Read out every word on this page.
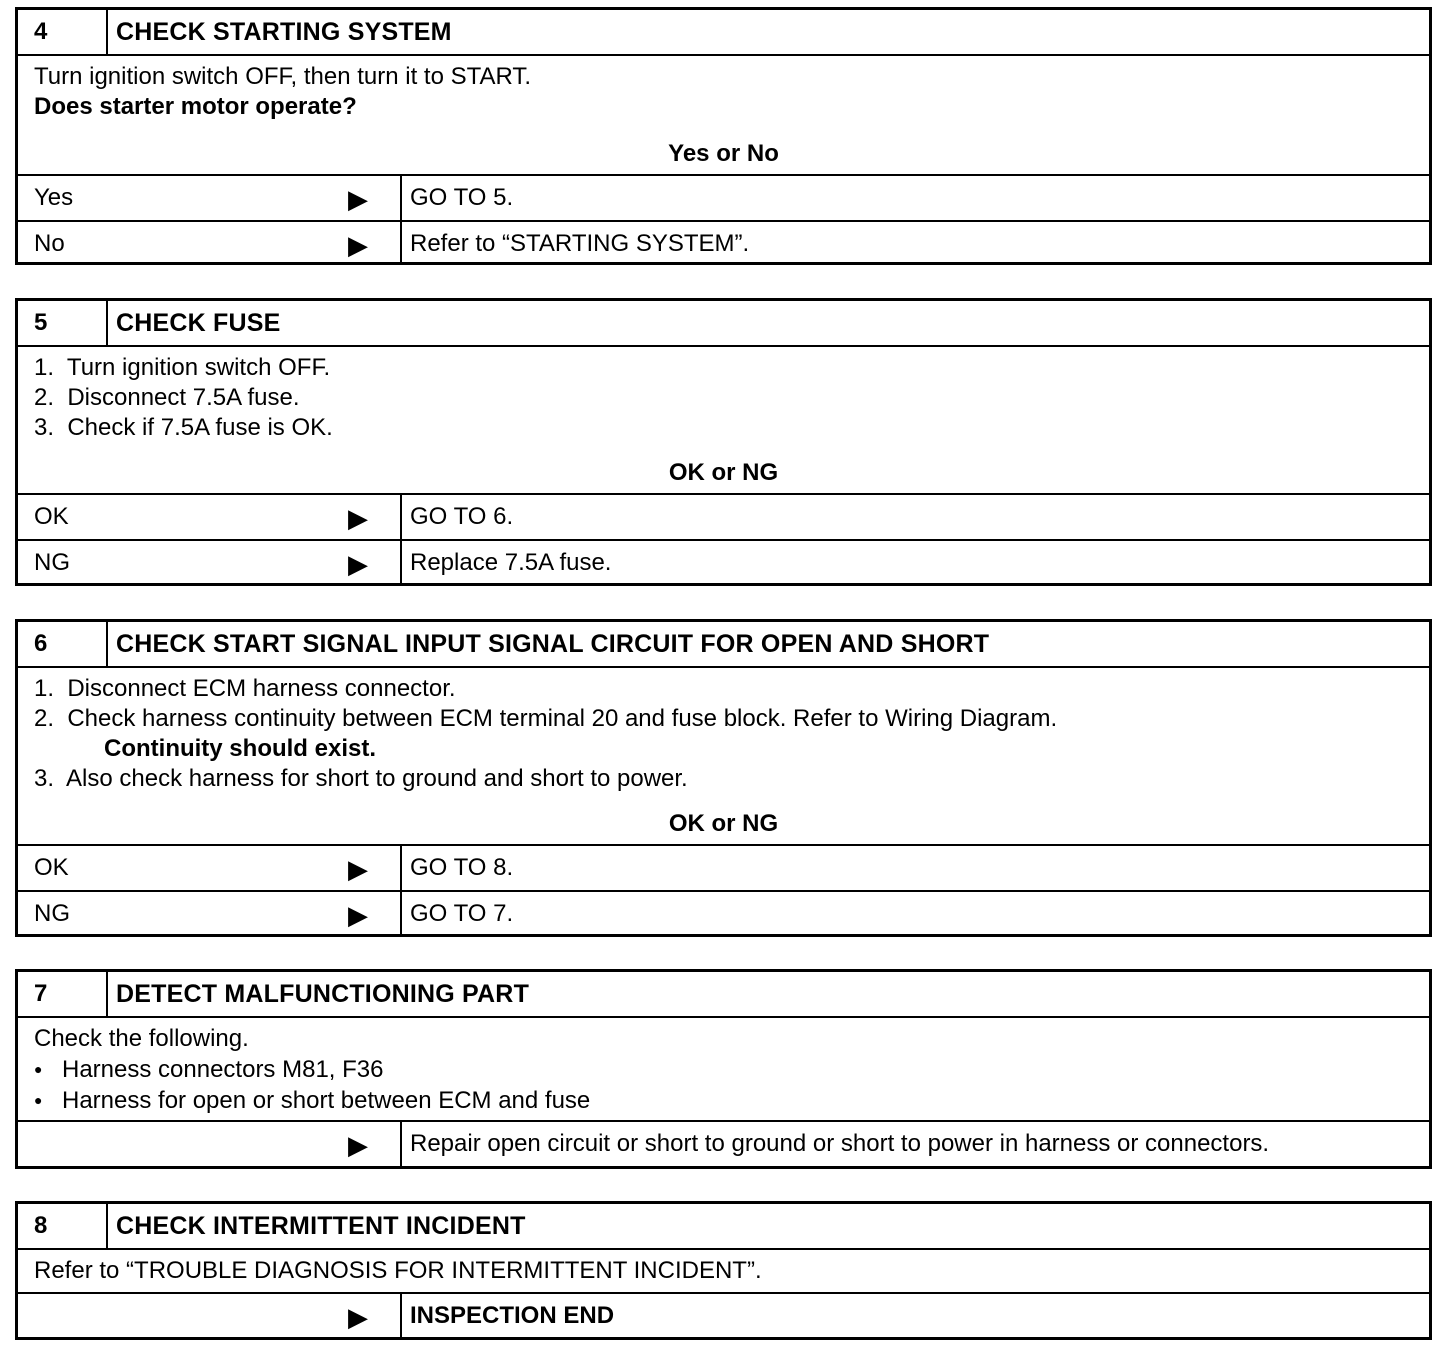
4	CHECK STARTING SYSTEM
Turn ignition switch OFF, then turn it to START.
Does starter motor operate?
Yes or No
Yes	▶	GO TO 5.
No	▶	Refer to “STARTING SYSTEM”.
5	CHECK FUSE
1.  Turn ignition switch OFF.
2.  Disconnect 7.5A fuse.
3.  Check if 7.5A fuse is OK.
OK or NG
OK	▶	GO TO 6.
NG	▶	Replace 7.5A fuse.
6	CHECK START SIGNAL INPUT SIGNAL CIRCUIT FOR OPEN AND SHORT
1.  Disconnect ECM harness connector.
2.  Check harness continuity between ECM terminal 20 and fuse block. Refer to Wiring Diagram.
Continuity should exist.
3.  Also check harness for short to ground and short to power.
OK or NG
OK	▶	GO TO 8.
NG	▶	GO TO 7.
7	DETECT MALFUNCTIONING PART
Check the following.
● Harness connectors M81, F36
● Harness for open or short between ECM and fuse
▶	Repair open circuit or short to ground or short to power in harness or connectors.
8	CHECK INTERMITTENT INCIDENT
Refer to “TROUBLE DIAGNOSIS FOR INTERMITTENT INCIDENT”.
▶	INSPECTION END
